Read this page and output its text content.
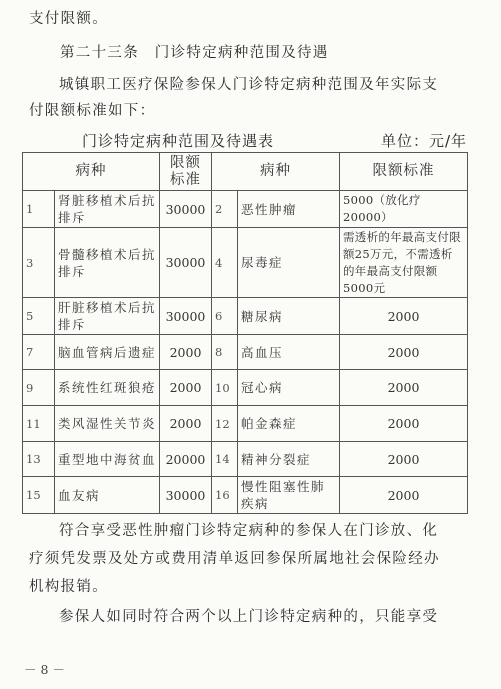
支付限额。
第二十三条　门诊特定病种范围及待遇
城镇职工医疗保险参保人门诊特定病种范围及年实际支
付限额标准如下：
门诊特定病种范围及待遇表	单位：元/年
病种		限额标准	病种		限额标准
1	肾脏移植术后抗排斥	30000	2	恶性肿瘤	5000（放化疗20000）
3	骨髓移植术后抗排斥	30000	4	尿毒症	需透析的年最高支付限额25万元，不需透析的年最高支付限额5000元
5	肝脏移植术后抗排斥	30000	6	糖尿病	2000
7	脑血管病后遗症	2000	8	高血压	2000
9	系统性红斑狼疮	2000	10	冠心病	2000
11	类风湿性关节炎	2000	12	帕金森症	2000
13	重型地中海贫血	20000	14	精神分裂症	2000
15	血友病	30000	16	慢性阻塞性肺疾病	2000
符合享受恶性肿瘤门诊特定病种的参保人在门诊放、化
疗须凭发票及处方或费用清单返回参保所属地社会保险经办
机构报销。
参保人如同时符合两个以上门诊特定病种的，只能享受
－ 8 －
